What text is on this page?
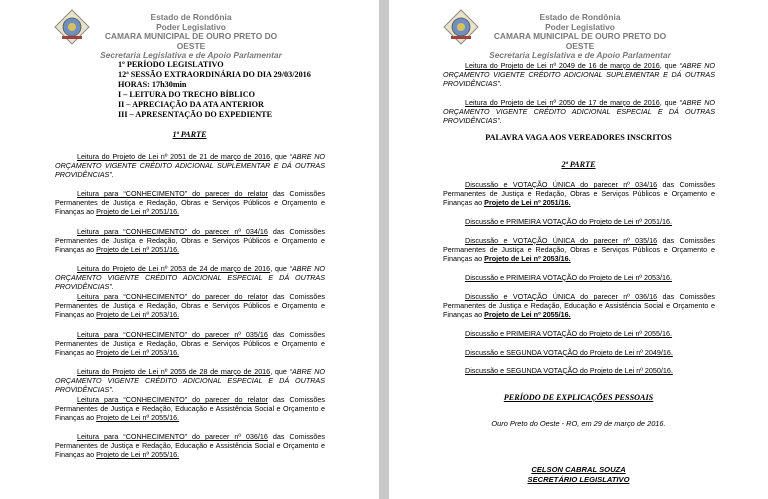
Estado de Rondônia
Poder Legislativo
CAMARA MUNICIPAL DE OURO PRETO DO OESTE
Secretaria Legislativa e de Apoio Parlamentar
1º PERÍODO LEGISLATIVO
12ª SESSÃO EXTRAORDINÁRIA DO DIA 29/03/2016
HORAS: 17h30min
I – LEITURA DO TRECHO BÍBLICO
II – APRECIAÇÃO DA ATA ANTERIOR
III – APRESENTAÇÃO DO EXPEDIENTE
1ª PARTE
Leitura do Projeto de Lei nº 2051 de 21 de março de 2016, que “ABRE NO ORÇAMENTO VIGENTE CRÉDITO ADICIONAL SUPLEMENTAR E DÁ OUTRAS PROVIDÊNCIAS”.
Leitura para “CONHECIMENTO” do parecer do relator das Comissões Permanentes de Justiça e Redação, Obras e Serviços Públicos e Orçamento e Finanças ao Projeto de Lei nº 2051/16.
Leitura para “CONHECIMENTO” do parecer nº 034/16 das Comissões Permanentes de Justiça e Redação, Obras e Serviços Públicos e Orçamento e Finanças ao Projeto de Lei nº 2051/16.
Leitura do Projeto de Lei nº 2053 de 24 de março de 2016, que “ABRE NO ORÇAMENTO VIGENTE CRÉDITO ADICIONAL ESPECIAL E DÁ OUTRAS PROVIDÊNCIAS”.
Leitura para “CONHECIMENTO” do parecer do relator das Comissões Permanentes de Justiça e Redação, Obras e Serviços Públicos e Orçamento e Finanças ao Projeto de Lei nº 2053/16.
Leitura para “CONHECIMENTO” do parecer nº 035/16 das Comissões Permanentes de Justiça e Redação, Obras e Serviços Públicos e Orçamento e Finanças ao Projeto de Lei nº 2053/16.
Leitura do Projeto de Lei nº 2055 de 28 de março de 2016, que “ABRE NO ORÇAMENTO VIGENTE CRÉDITO ADICIONAL ESPECIAL E DÁ OUTRAS PROVIDÊNCIAS”.
Leitura para “CONHECIMENTO” do parecer do relator das Comissões Permanentes de Justiça e Redação, Educação e Assistência Social e Orçamento e Finanças ao Projeto de Lei nº 2055/16.
Leitura para “CONHECIMENTO” do parecer nº 036/16 das Comissões Permanentes de Justiça e Redação, Educação e Assistência Social e Orçamento e Finanças ao Projeto de Lei nº 2055/16.
Estado de Rondônia
Poder Legislativo
CAMARA MUNICIPAL DE OURO PRETO DO OESTE
Secretaria Legislativa e de Apoio Parlamentar
Leitura do Projeto de Lei nº 2049 de 16 de março de 2016, que “ABRE NO ORÇAMENTO VIGENTE CRÉDITO ADICIONAL SUPLEMENTAR E DÁ OUTRAS PROVIDÊNCIAS”.
Leitura do Projeto de Lei nº 2050 de 17 de março de 2016, que “ABRE NO ORÇAMENTO VIGENTE CRÉDITO ADICIONAL ESPECIAL E DÁ OUTRAS PROVIDÊNCIAS”.
PALAVRA VAGA AOS VEREADORES INSCRITOS
2ª PARTE
Discussão e VOTAÇÃO ÚNICA do parecer nº 034/16 das Comissões Permanentes de Justiça e Redação, Obras e Serviços Públicos e Orçamento e Finanças ao Projeto de Lei nº 2051/16.
Discussão e PRIMEIRA VOTAÇÃO do Projeto de Lei nº 2051/16.
Discussão e VOTAÇÃO ÚNICA do parecer nº 035/16 das Comissões Permanentes de Justiça e Redação, Obras e Serviços Públicos e Orçamento e Finanças ao Projeto de Lei nº 2053/16.
Discussão e PRIMEIRA VOTAÇÃO do Projeto de Lei nº 2053/16.
Discussão e VOTAÇÃO ÚNICA do parecer nº 036/16 das Comissões Permanentes de Justiça e Redação, Educação e Assistência Social e Orçamento e Finanças ao Projeto de Lei nº 2055/16.
Discussão e PRIMEIRA VOTAÇÃO do Projeto de Lei nº 2055/16.
Discussão e SEGUNDA VOTAÇÃO do Projeto de Lei nº 2049/16.
Discussão e SEGUNDA VOTAÇÃO do Projeto de Lei nº 2050/16.
PERÍODO DE EXPLICAÇÕES PESSOAIS
Ouro Preto do Oeste - RO, em 29 de março de 2016.
CELSON CABRAL SOUZA
SECRETÁRIO LEGISLATIVO
